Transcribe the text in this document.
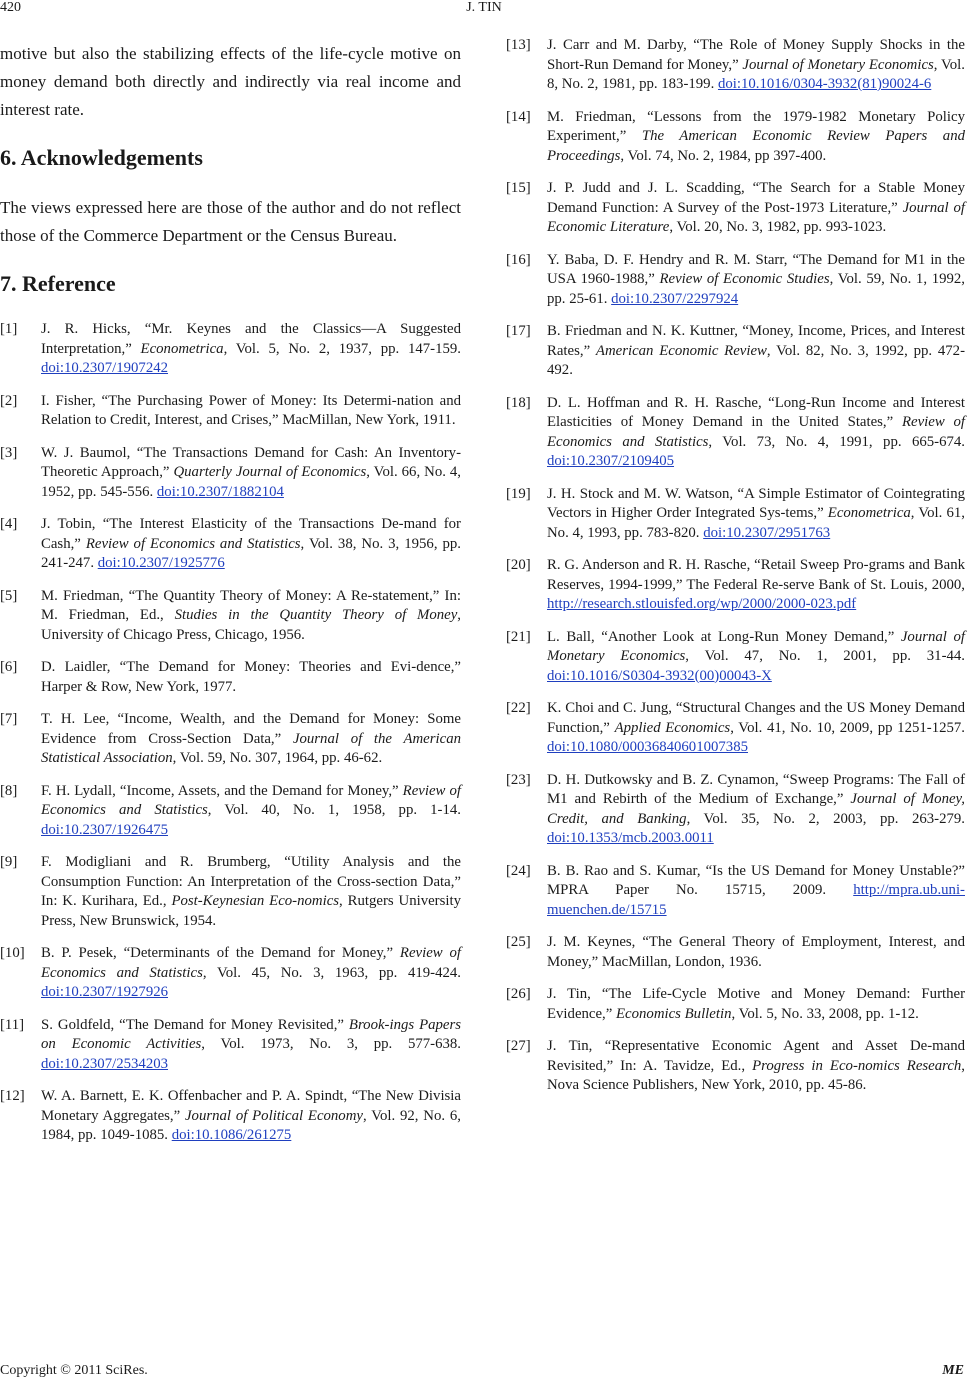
420	J. TIN

motive but also the stabilizing effects of the life-cycle motive on money demand both directly and indirectly via real income and interest rate.

6. Acknowledgements

The views expressed here are those of the author and do not reflect those of the Commerce Department or the Census Bureau.

7. Reference
[1] J. R. Hicks, “Mr. Keynes and the Classics―A Suggested Interpretation,” Econometrica, Vol. 5, No. 2, 1937, pp. 147-159. doi:10.2307/1907242
[2] I. Fisher, “The Purchasing Power of Money: Its Determi-nation and Relation to Credit, Interest, and Crises,” MacMillan, New York, 1911.
[3] W. J. Baumol, “The Transactions Demand for Cash: An Inventory-Theoretic Approach,” Quarterly Journal of Economics, Vol. 66, No. 4, 1952, pp. 545-556. doi:10.2307/1882104
[4] J. Tobin, “The Interest Elasticity of the Transactions De-mand for Cash,” Review of Economics and Statistics, Vol. 38, No. 3, 1956, pp. 241-247. doi:10.2307/1925776
[5] M. Friedman, “The Quantity Theory of Money: A Re-statement,” In: M. Friedman, Ed., Studies in the Quantity Theory of Money, University of Chicago Press, Chicago, 1956.
[6] D. Laidler, “The Demand for Money: Theories and Evi-dence,” Harper & Row, New York, 1977.
[7] T. H. Lee, “Income, Wealth, and the Demand for Money: Some Evidence from Cross-Section Data,” Journal of the American Statistical Association, Vol. 59, No. 307, 1964, pp. 46-62.
[8] F. H. Lydall, “Income, Assets, and the Demand for Money,” Review of Economics and Statistics, Vol. 40, No. 1, 1958, pp. 1-14. doi:10.2307/1926475
[9] F. Modigliani and R. Brumberg, “Utility Analysis and the Consumption Function: An Interpretation of the Cross-section Data,” In: K. Kurihara, Ed., Post-Keynesian Eco-nomics, Rutgers University Press, New Brunswick, 1954.
[10] B. P. Pesek, “Determinants of the Demand for Money,” Review of Economics and Statistics, Vol. 45, No. 3, 1963, pp. 419-424. doi:10.2307/1927926
[11] S. Goldfeld, “The Demand for Money Revisited,” Brook-ings Papers on Economic Activities, Vol. 1973, No. 3, pp. 577-638. doi:10.2307/2534203
[12] W. A. Barnett, E. K. Offenbacher and P. A. Spindt, “The New Divisia Monetary Aggregates,” Journal of Political Economy, Vol. 92, No. 6, 1984, pp. 1049-1085. doi:10.1086/261275
[13] J. Carr and M. Darby, “The Role of Money Supply Shocks in the Short-Run Demand for Money,” Journal of Monetary Economics, Vol. 8, No. 2, 1981, pp. 183-199. doi:10.1016/0304-3932(81)90024-6
[14] M. Friedman, “Lessons from the 1979-1982 Monetary Policy Experiment,” The American Economic Review Papers and Proceedings, Vol. 74, No. 2, 1984, pp 397-400.
[15] J. P. Judd and J. L. Scadding, “The Search for a Stable Money Demand Function: A Survey of the Post-1973 Literature,” Journal of Economic Literature, Vol. 20, No. 3, 1982, pp. 993-1023.
[16] Y. Baba, D. F. Hendry and R. M. Starr, “The Demand for M1 in the USA 1960-1988,” Review of Economic Studies, Vol. 59, No. 1, 1992, pp. 25-61. doi:10.2307/2297924
[17] B. Friedman and N. K. Kuttner, “Money, Income, Prices, and Interest Rates,” American Economic Review, Vol. 82, No. 3, 1992, pp. 472-492.
[18] D. L. Hoffman and R. H. Rasche, “Long-Run Income and Interest Elasticities of Money Demand in the United States,” Review of Economics and Statistics, Vol. 73, No. 4, 1991, pp. 665-674. doi:10.2307/2109405
[19] J. H. Stock and M. W. Watson, “A Simple Estimator of Cointegrating Vectors in Higher Order Integrated Sys-tems,” Econometrica, Vol. 61, No. 4, 1993, pp. 783-820. doi:10.2307/2951763
[20] R. G. Anderson and R. H. Rasche, “Retail Sweep Pro-grams and Bank Reserves, 1994-1999,” The Federal Re-serve Bank of St. Louis, 2000, http://research.stlouisfed.org/wp/2000/2000-023.pdf
[21] L. Ball, “Another Look at Long-Run Money Demand,” Journal of Monetary Economics, Vol. 47, No. 1, 2001, pp. 31-44. doi:10.1016/S0304-3932(00)00043-X
[22] K. Choi and C. Jung, “Structural Changes and the US Money Demand Function,” Applied Economics, Vol. 41, No. 10, 2009, pp 1251-1257. doi:10.1080/00036840601007385
[23] D. H. Dutkowsky and B. Z. Cynamon, “Sweep Programs: The Fall of M1 and Rebirth of the Medium of Exchange,” Journal of Money, Credit, and Banking, Vol. 35, No. 2, 2003, pp. 263-279. doi:10.1353/mcb.2003.0011
[24] B. B. Rao and S. Kumar, “Is the US Demand for Money Unstable?” MPRA Paper No. 15715, 2009. http://mpra.ub.uni-muenchen.de/15715
[25] J. M. Keynes, “The General Theory of Employment, Interest, and Money,” MacMillan, London, 1936.
[26] J. Tin, “The Life-Cycle Motive and Money Demand: Further Evidence,” Economics Bulletin, Vol. 5, No. 33, 2008, pp. 1-12.
[27] J. Tin, “Representative Economic Agent and Asset De-mand Revisited,” In: A. Tavidze, Ed., Progress in Eco-nomics Research, Nova Science Publishers, New York, 2010, pp. 45-86.
Copyright © 2011 SciRes.	ME
